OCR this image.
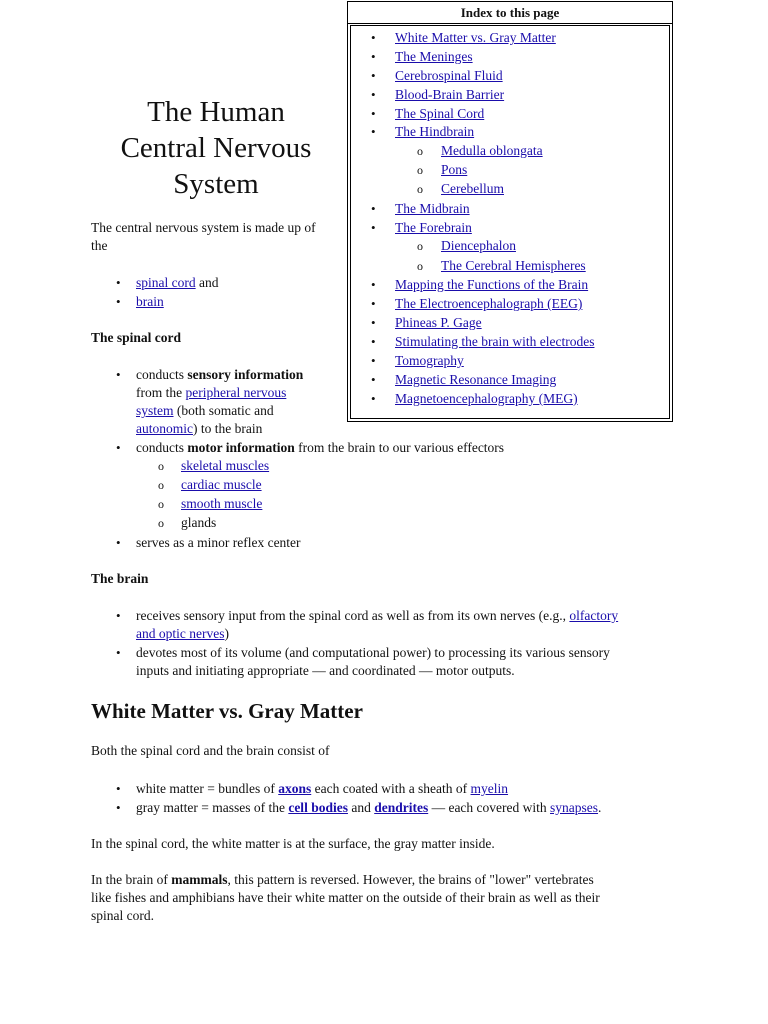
The Human
Central Nervous
System
Index to this page
• White Matter vs. Gray Matter
• The Meninges
• Cerebrospinal Fluid
• Blood-Brain Barrier
• The Spinal Cord
• The Hindbrain
o Medulla oblongata
o Pons
o Cerebellum
• The Midbrain
• The Forebrain
o Diencephalon
o The Cerebral Hemispheres
• Mapping the Functions of the Brain
• The Electroencephalograph (EEG)
• Phineas P. Gage
• Stimulating the brain with electrodes
• Tomography
• Magnetic Resonance Imaging
• Magnetoencephalography (MEG)
The central nervous system is made up of
the
• spinal cord and
• brain
The spinal cord
• conducts sensory information
from the peripheral nervous
system (both somatic and
autonomic) to the brain
• conducts motor information from the brain to our various effectors
o skeletal muscles
o cardiac muscle
o smooth muscle
o glands
• serves as a minor reflex center
The brain
• receives sensory input from the spinal cord as well as from its own nerves (e.g., olfactory
and optic nerves)
• devotes most of its volume (and computational power) to processing its various sensory
inputs and initiating appropriate — and coordinated — motor outputs.
White Matter vs. Gray Matter
Both the spinal cord and the brain consist of
• white matter = bundles of axons each coated with a sheath of myelin
• gray matter = masses of the cell bodies and dendrites — each covered with synapses.
In the spinal cord, the white matter is at the surface, the gray matter inside.
In the brain of mammals, this pattern is reversed. However, the brains of "lower" vertebrates
like fishes and amphibians have their white matter on the outside of their brain as well as their
spinal cord.
